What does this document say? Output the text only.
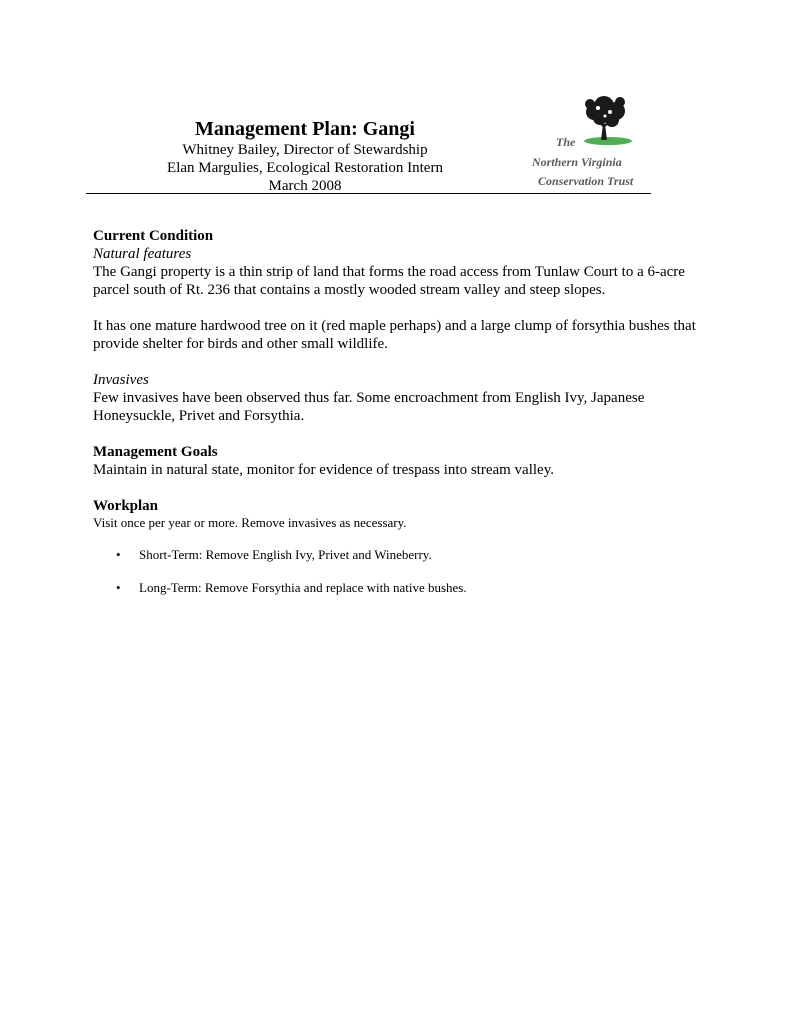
Management Plan: Gangi
Whitney Bailey, Director of Stewardship
Elan Margulies, Ecological Restoration Intern
March 2008
The
Northern Virginia
Conservation Trust
Current Condition
Natural features

The Gangi property is a thin strip of land that forms the road access from Tunlaw Court to a 6-acre parcel south of Rt. 236 that contains a mostly wooded stream valley and steep slopes.

It has one mature hardwood tree on it (red maple perhaps) and a large clump of forsythia bushes that provide shelter for birds and other small wildlife.

Invasives

Few invasives have been observed thus far. Some encroachment from English Ivy, Japanese Honeysuckle, Privet and Forsythia.

Management Goals

Maintain in natural state, monitor for evidence of trespass into stream valley.

Workplan

Visit once per year or more. Remove invasives as necessary.

• Short-Term: Remove English Ivy, Privet and Wineberry.
• Long-Term: Remove Forsythia and replace with native bushes.
